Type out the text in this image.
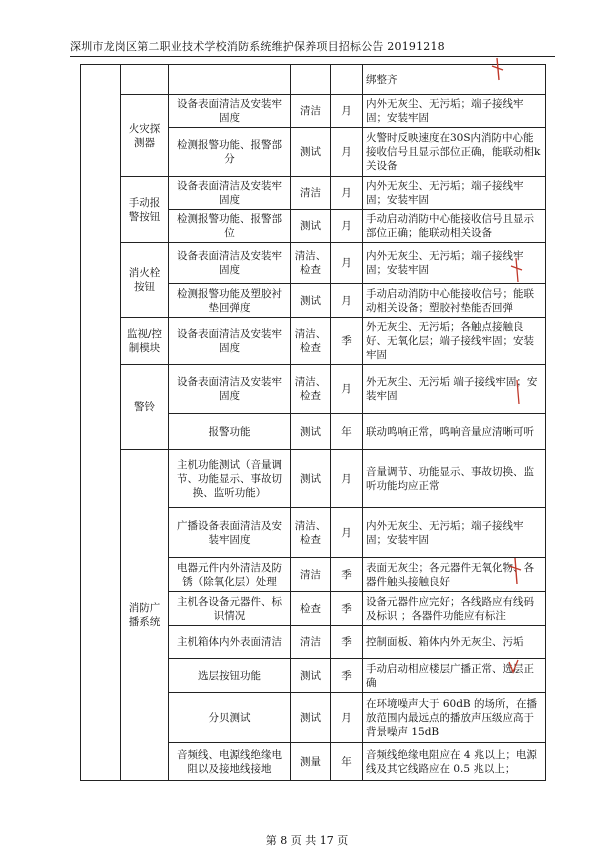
深圳市龙岗区第二职业技术学校消防系统维护保养项目招标公告 20191218
					绑整齐
	火灾探测器	设备表面清洁及安装牢固度	清洁	月	内外无灰尘、无污垢；端子接线牢固；安装牢固
		检测报警功能、报警部分	测试	月	火警时反映速度在30S内消防中心能接收信号且显示部位正确，能联动相k关设备
	手动报警按钮	设备表面清洁及安装牢固度	清洁	月	内外无灰尘、无污垢；端子接线牢固；安装牢固
		检测报警功能、报警部位	测试	月	手动启动消防中心能接收信号且显示部位正确；能联动相关设备
	消火栓按钮	设备表面清洁及安装牢固度	清洁、检查	月	内外无灰尘、无污垢；端子接线牢固；安装牢固
		检测报警功能及塑胶衬垫回弹度	测试	月	手动启动消防中心能接收信号；能联动相关设备；塑胶衬垫能否回弹
	监视/控制模块	设备表面清洁及安装牢固度	清洁、检查	季	外无灰尘、无污垢；各触点接触良好、无氧化层；端子接线牢固；安装牢固
	警铃	设备表面清洁及安装牢固度	清洁、检查	月	外无灰尘、无污垢 端子接线牢固；安装牢固
		报警功能	测试	年	联动鸣响正常，鸣响音量应清晰可听
	消防广播系统	主机功能测试（音量调节、功能显示、事故切换、监听功能）	测试	月	音量调节、功能显示、事故切换、监听功能均应正常
		广播设备表面清洁及安装牢固度	清洁、检查	月	内外无灰尘、无污垢；端子接线牢固；安装牢固
		电器元件内外清洁及防锈（除氧化层）处理	清洁	季	表面无灰尘；各元器件无氧化物、各器件触头接触良好
		主机各设备元器件、标识情况	检查	季	设备元器件应完好；各线路应有线码及标识 ；各器件功能应有标注
		主机箱体内外表面清洁	清洁	季	控制面板、箱体内外无灰尘、污垢
		选层按钮功能	测试	季	手动启动相应楼层广播正常、选层正确
		分贝测试	测试	月	在环境噪声大于 60dB 的场所，在播放范围内最远点的播放声压级应高于背景噪声 15dB
		音频线、电源线绝缘电阻以及接地线接地	测量	年	音频线绝缘电阻应在 4 兆以上；电源线及其它线路应在 0.5 兆以上；
第 8 页 共 17 页
